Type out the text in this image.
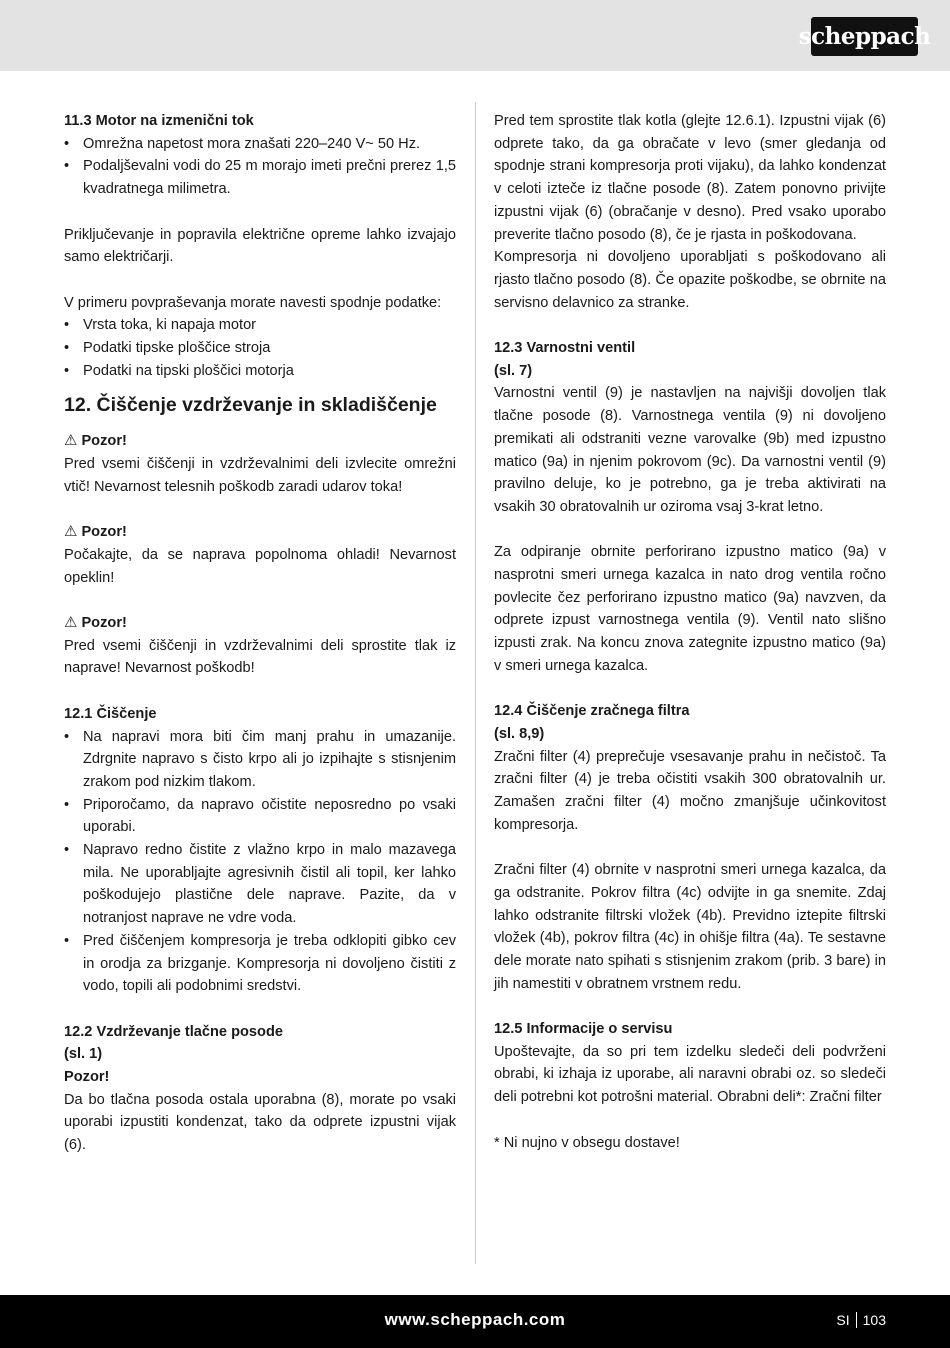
scheppach

11.3 Motor na izmenični tok

• Omrežna napetost mora znašati 220–240 V~ 50 Hz.
• Podaljševalni vodi do 25 m morajo imeti prečni prerez 1,5 kvadratnega milimetra.

Priključevanje in popravila električne opreme lahko izvajajo samo električarji.

V primeru povpraševanja morate navesti spodnje podatke:

• Vrsta toka, ki napaja motor
• Podatki tipske ploščice stroja
• Podatki na tipski ploščici motorja
12. Čiščenje vzdrževanje in skladiščenje

⚠ Pozor!

Pred vsemi čiščenji in vzdrževalnimi deli izvlecite omrežni vtič! Nevarnost telesnih poškodb zaradi udarov toka!

⚠ Pozor!

Počakajte, da se naprava popolnoma ohladi! Nevarnost opeklin!

⚠ Pozor!

Pred vsemi čiščenji in vzdrževalnimi deli sprostite tlak iz naprave! Nevarnost poškodb!

12.1 Čiščenje

• Na napravi mora biti čim manj prahu in umazanije. Zdrgnite napravo s čisto krpo ali jo izpihajte s stisnjenim zrakom pod nizkim tlakom.
• Priporočamo, da napravo očistite neposredno po vsaki uporabi.
• Napravo redno čistite z vlažno krpo in malo mazavega mila. Ne uporabljajte agresivnih čistil ali topil, ker lahko poškodujejo plastične dele naprave. Pazite, da v notranjost naprave ne vdre voda.
• Pred čiščenjem kompresorja je treba odklopiti gibko cev in orodja za brizganje. Kompresorja ni dovoljeno čistiti z vodo, topili ali podobnimi sredstvi.

12.2 Vzdrževanje tlačne posode

(sl. 1)

Pozor!

Da bo tlačna posoda ostala uporabna (8), morate po vsaki uporabi izpustiti kondenzat, tako da odprete izpustni vijak (6).

Pred tem sprostite tlak kotla (glejte 12.6.1). Izpustni vijak (6) odprete tako, da ga obračate v levo (smer gledanja od spodnje strani kompresorja proti vijaku), da lahko kondenzat v celoti izteče iz tlačne posode (8). Zatem ponovno privijte izpustni vijak (6) (obračanje v desno). Pred vsako uporabo preverite tlačno posodo (8), če je rjasta in poškodovana.

Kompresorja ni dovoljeno uporabljati s poškodovano ali rjasto tlačno posodo (8). Če opazite poškodbe, se obrnite na servisno delavnico za stranke.

12.3 Varnostni ventil

(sl. 7)

Varnostni ventil (9) je nastavljen na najvišji dovoljen tlak tlačne posode (8). Varnostnega ventila (9) ni dovoljeno premikati ali odstraniti vezne varovalke (9b) med izpustno matico (9a) in njenim pokrovom (9c). Da varnostni ventil (9) pravilno deluje, ko je potrebno, ga je treba aktivirati na vsakih 30 obratovalnih ur oziroma vsaj 3-krat letno.

Za odpiranje obrnite perforirano izpustno matico (9a) v nasprotni smeri urnega kazalca in nato drog ventila ročno povlecite čez perforirano izpustno matico (9a) navzven, da odprete izpust varnostnega ventila (9). Ventil nato slišno izpusti zrak. Na koncu znova zategnite izpustno matico (9a) v smeri urnega kazalca.

12.4 Čiščenje zračnega filtra

(sl. 8,9)

Zračni filter (4) preprečuje vsesavanje prahu in nečistoč. Ta zračni filter (4) je treba očistiti vsakih 300 obratovalnih ur. Zamašen zračni filter (4) močno zmanjšuje učinkovitost kompresorja.

Zračni filter (4) obrnite v nasprotni smeri urnega kazalca, da ga odstranite. Pokrov filtra (4c) odvijte in ga snemite. Zdaj lahko odstranite filtrski vložek (4b). Previdno iztepite filtrski vložek (4b), pokrov filtra (4c) in ohišje filtra (4a). Te sestavne dele morate nato spihati s stisnjenim zrakom (prib. 3 bare) in jih namestiti v obratnem vrstnem redu.

12.5 Informacije o servisu

Upoštevajte, da so pri tem izdelku sledeči deli podvrženi obrabi, ki izhaja iz uporabe, ali naravni obrabi oz. so sledeči deli potrebni kot potrošni material. Obrabni deli*: Zračni filter

* Ni nujno v obsegu dostave!

www.scheppach.com	SI 103
